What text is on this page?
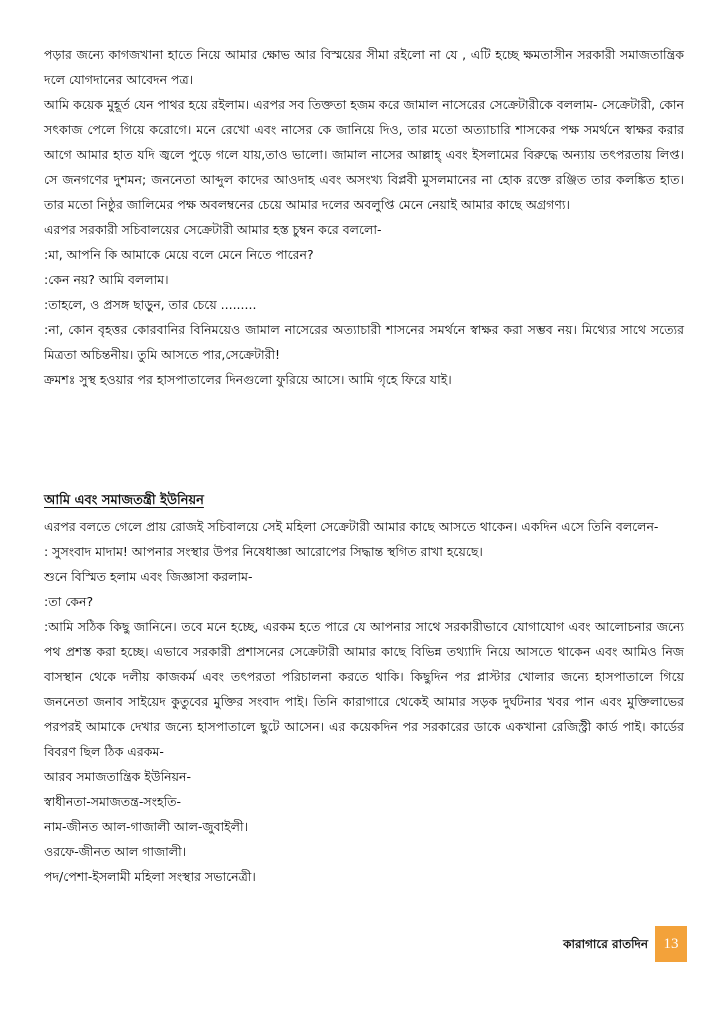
পড়ার জন্যে কাগজখানা হাতে নিয়ে আমার ক্ষোভ আর বিস্ময়ের সীমা রইলো না যে , এটি হচ্ছে ক্ষমতাসীন সরকারী সমাজতান্ত্রিক দলে যোগদানের আবেদন পত্র।

আমি কয়েক মুহূর্ত যেন পাথর হয়ে রইলাম। এরপর সব তিক্ততা হজম করে জামাল নাসেরের সেক্রেটারীকে বললাম- সেক্রেটারী, কোন সৎকাজ পেলে গিয়ে করোগে। মনে রেখো এবং নাসের কে জানিয়ে দিও, তার মতো অত্যাচারি শাসকের পক্ষ সমর্থনে স্বাক্ষর করার আগে আমার হাত যদি জ্বলে পুড়ে গলে যায়,তাও ভালো। জামাল নাসের আল্লাহ্ এবং ইসলামের বিরুদ্ধে অন্যায় তৎপরতায় লিপ্ত। সে জনগণের দুশমন; জননেতা আব্দুল কাদের আওদাহ এবং অসংখ্য বিপ্লবী মুসলমানের না হোক রক্তে রঞ্জিত তার কলঙ্কিত হাত। তার মতো নিষ্ঠুর জালিমের পক্ষ অবলম্বনের চেয়ে আমার দলের অবলুপ্তি মেনে নেয়াই আমার কাছে অগ্রগণ্য।

এরপর সরকারী সচিবালয়ের সেক্রেটারী আমার হস্ত চুম্বন করে বললো-

:মা, আপনি কি আমাকে মেয়ে বলে মেনে নিতে পারেন?

:কেন নয়? আমি বললাম।

:তাহলে, ও প্রসঙ্গ ছাড়ুন, তার চেয়ে .........

:না, কোন বৃহত্তর কোরবানির বিনিময়েও জামাল নাসেরের অত্যাচারী শাসনের সমর্থনে স্বাক্ষর করা সম্ভব নয়। মিথ্যের সাথে সত্যের মিত্রতা অচিন্তনীয়। তুমি আসতে পার,সেক্রেটারী!

ক্রমশঃ সুস্থ হওয়ার পর হাসপাতালের দিনগুলো ফুরিয়ে আসে। আমি গৃহে ফিরে যাই।

আমি এবং সমাজতন্ত্রী ইউনিয়ন

এরপর বলতে গেলে প্রায় রোজই সচিবালয়ে সেই মহিলা সেক্রেটারী আমার কাছে আসতে থাকেন। একদিন এসে তিনি বললেন-

: সুসংবাদ মাদাম! আপনার সংস্থার উপর নিষেধাজ্ঞা আরোপের সিদ্ধান্ত স্থগিত রাখা হয়েছে।

শুনে বিস্মিত হলাম এবং জিজ্ঞাসা করলাম-

:তা কেন?

:আমি সঠিক কিছু জানিনে। তবে মনে হচ্ছে, এরকম হতে পারে যে আপনার সাথে সরকারীভাবে যোগাযোগ এবং আলোচনার জন্যে পথ প্রশস্ত করা হচ্ছে। এভাবে সরকারী প্রশাসনের সেক্রেটারী আমার কাছে বিভিন্ন তথ্যাদি নিয়ে আসতে থাকেন এবং আমিও নিজ বাসস্থান থেকে দলীয় কাজকর্ম এবং তৎপরতা পরিচালনা করতে থাকি। কিছুদিন পর প্লাস্টার খোলার জন্যে হাসপাতালে গিয়ে জননেতা জনাব সাইয়েদ কুতুবের মুক্তির সংবাদ পাই। তিনি কারাগারে থেকেই আমার সড়ক দুর্ঘটনার খবর পান এবং মুক্তিলাভের পরপরই আমাকে দেখার জন্যে হাসপাতালে ছুটে আসেন। এর কয়েকদিন পর সরকারের ডাকে একখানা রেজিস্ট্রী কার্ড পাই। কার্ডের বিবরণ ছিল ঠিক এরকম-

আরব সমাজতান্ত্রিক ইউনিয়ন-

স্বাধীনতা-সমাজতন্ত্র-সংহতি-

নাম-জীনত আল-গাজালী আল-জুবাইলী।

ওরফে-জীনত আল গাজালী।

পদ/পেশা-ইসলামী মহিলা সংস্থার সভানেত্রী।

কারাগারে রাতদিন	13
